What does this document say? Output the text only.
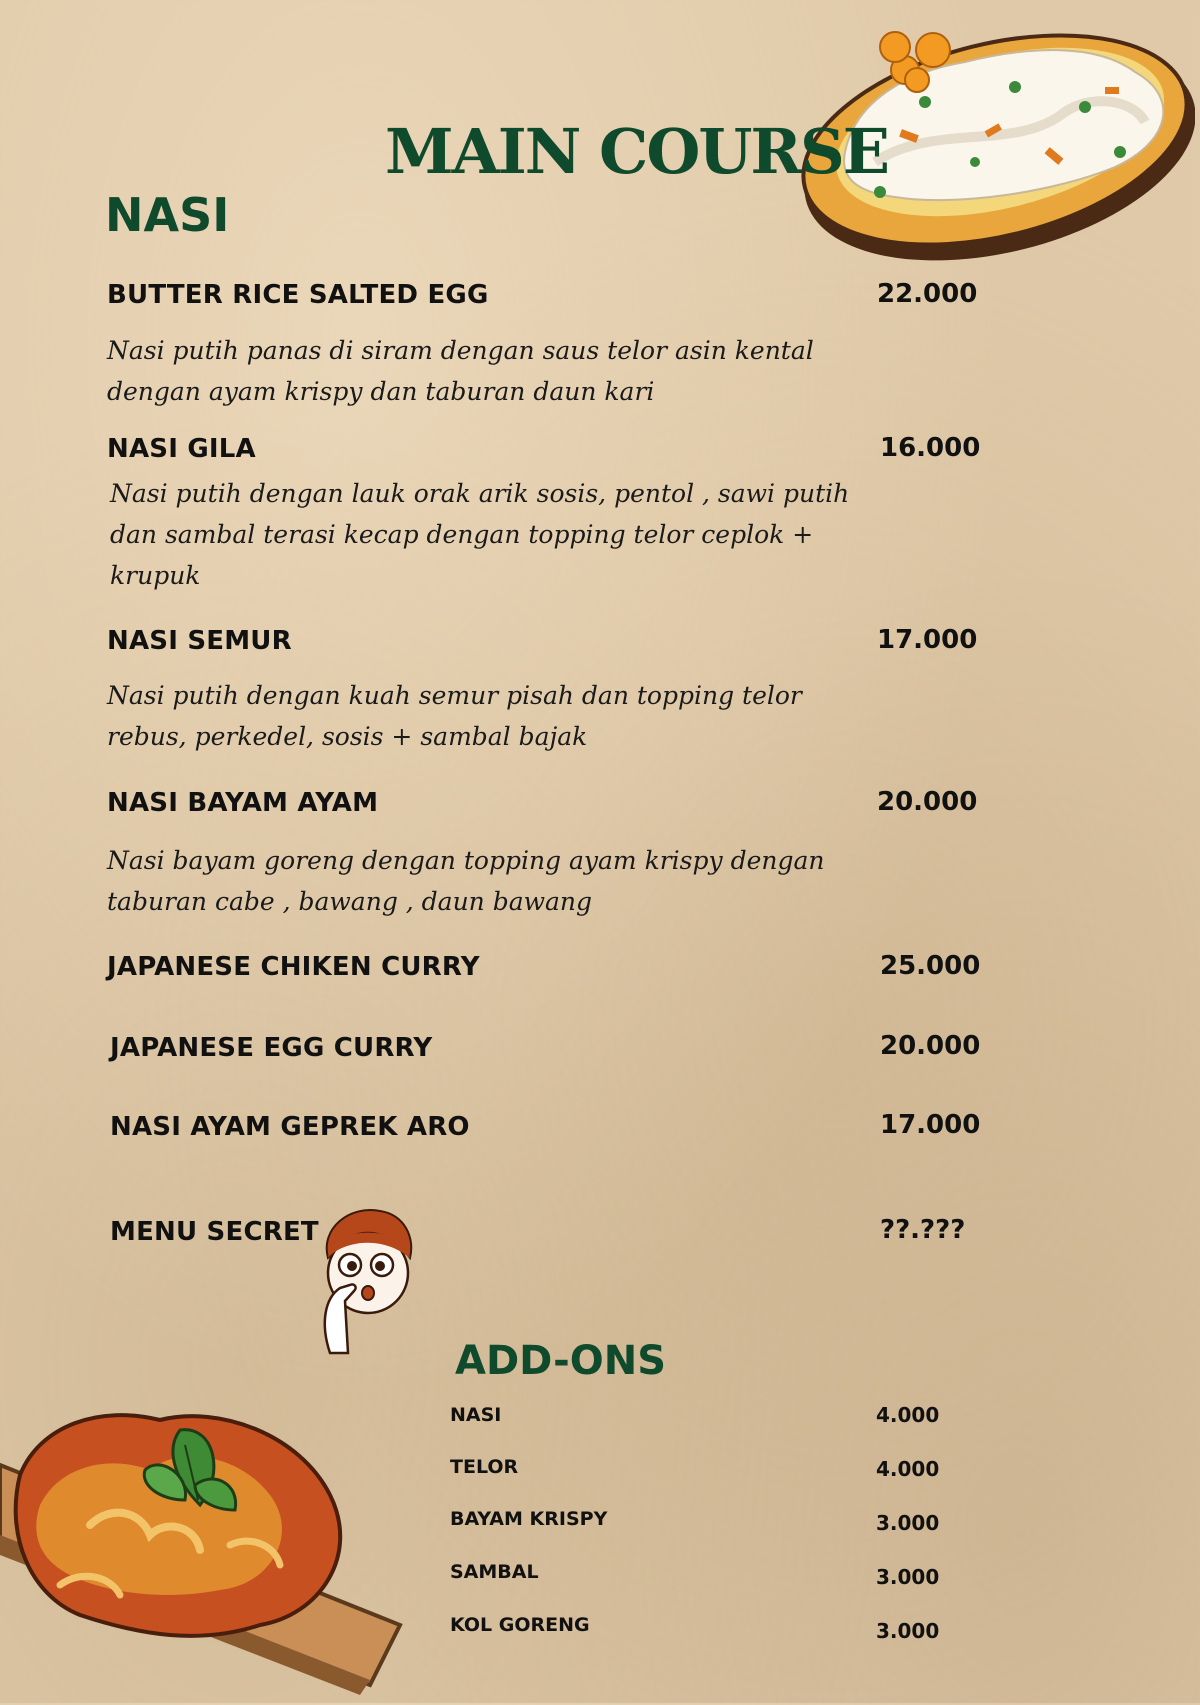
MAIN COURSE
NASI
BUTTER RICE SALTED EGG	22.000
Nasi putih panas di siram dengan saus telor asin kental
dengan ayam krispy dan taburan daun kari
NASI GILA	16.000
Nasi putih dengan lauk orak arik sosis, pentol , sawi putih
dan sambal terasi kecap dengan topping telor ceplok +
krupuk
NASI SEMUR	17.000
Nasi putih dengan kuah semur pisah dan topping telor
rebus, perkedel, sosis + sambal bajak
NASI BAYAM AYAM	20.000
Nasi bayam goreng dengan topping ayam krispy dengan
taburan cabe , bawang , daun bawang
JAPANESE CHIKEN CURRY	25.000
JAPANESE EGG CURRY	20.000
NASI AYAM GEPREK ARO	17.000
MENU SECRET	??.???
ADD-ONS
NASI	4.000
TELOR	4.000
BAYAM KRISPY	3.000
SAMBAL	3.000
KOL GORENG	3.000
